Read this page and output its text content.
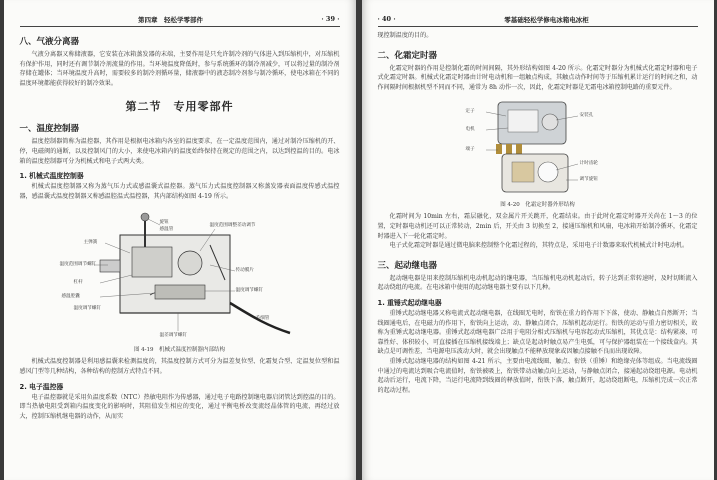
第四章　轻松学零部件	· 39 ·
八、气液分离器

气液分离器又称储液器，它安装在冰箱蒸发器的末端，主要作用是只允许制冷剂的气体进入到压缩机中，对压缩机有保护作用，同时还有调节制冷剂流量的作用。当环境温度降低时，参与系统循环的制冷剂减少，可以将过量的制冷剂存储在罐体；当环境温度升高时，需要较多的制冷剂循环量，储液器中的液态制冷剂参与制冷循环，使电冰箱在不同的温度环境都能获得较好的制冷效果。

第二节　专用零部件
一、温度控制器

温度控制器简称为温控器，其作用是根据电冰箱内各室的温度要求，在一定温度范围内，通过对制冷压缩机的开、停，电磁阀的通断，以及控制风门的大小，来使电冰箱内的温度始终保持在规定的范围之内，以达到控温的目的。电冰箱的温度控制器可分为机械式和电子式两大类。

1. 机械式温度控制器

机械式温度控制器又称为蒸气压力式或感温囊式温控器。蒸气压力式温度控制器又称蒸发器表面温度传感式温控器，感温囊式温度控制器又称感温腔温式温控器，其内部结构如图 4-19 所示。

旋钮
感温管
温度范围调整差动调节
主弹簧
温度范围调节螺钉
杠杆
感温腔囊
传动膜片
温度调节螺钉
毛细管
温差调节螺钉
温度调节螺钉
图 4-19　机械式温度控制器内部结构

机械式温度控制器是利用感温囊来检测温度的，其温度控制方式可分为温差复位型、化霜复合型、定温复位型和温感风门型等几种结构，各种结构的控制方式特点不同。

2. 电子温控器

电子温控器就是采用负温度系数（NTC）热敏电阻作为传感器，通过电子电路控制继电器启闭管达到控温的目的。即当热敏电阻受到箱内温度变化的影响时，其阻值发生相应的变化，通过平衡电桥改变流经晶体管的电流，再经过放大，控制压缩机继电器的动作，从而实

· 40 ·	零基础轻松学修电冰箱电冰柜

现控制温度的目的。

二、化霜定时器

化霜定时器的作用是控制化霜的时间间隔，其外形结构如图 4-20 所示。化霜定时器分为机械式化霜定时器和电子式化霜定时器。机械式化霜定时器由计时电动机和一组触点构成，其触点动作时间等于压缩机累计运行的时间之和，动作间隔时间根据机型不同而不同，通常为 8h 动作一次，因此，化霜定时器是无霜电冰箱控制电路的重要元件。

定子
电机
端子
安装孔
计时齿轮
调节旋钮
图 4-20　化霜定时器外形结构

化霜时间为 10min 左右，霜层融化，双金属片开关跳开，化霜结束。由于此时化霜定时器开关尚在 1～3 的位置，定时器电动机还可以正常转动，2min 后，开关由 3 切换至 2，接通压缩机和风扇，电冰箱开始制冷循环，化霜定时器进入下一轮化霜定时。

电子式化霜定时器是通过微电脑来控制整个化霜过程的，其特点是，采用电子计数器来取代机械式计时电动机。

三、起动继电器

起动继电器是用来控制压缩机电动机起动的继电器，当压缩机电动机起动后，转子达到正常转速时，及时切断流入起动绕组的电流。在电冰箱中使用的起动继电器主要有以下几种。

1. 重锤式起动继电器

重锤式起动继电器又称电流式起动继电器，在线圈无电时，衔铁在重力的作用下下落，使动、静触点自然断开；当线圈通电后，在电磁力的作用下，衔铁向上运动，动、静触点闭合，压缩机起动运行。衔铁的运动与重力密切相关，故称为重锤式起动继电器。重锤式起动继电器广泛用于电阻分相式压缩机与电容起动式压缩机，其优点是：结构紧凑、可靠性好、体积较小，可直接插在压缩机接线端上；缺点是起动时触点易产生电弧，可与保护器组装在一个接线盒内。其缺点是可调性差，当电源电压波动大时，就会出现触点不能释放现象或因触点接触不良而出现故障。

重锤式起动继电器的结构如图 4-21 所示，主要由电流线圈、触点、衔铁（重锤）和绝缘壳体等组成。当电流线圈中通过的电流达到吸合电流值时，衔铁被吸上，衔铁带动动触点向上运动，与静触点闭合，接通起动绕组电源。电动机起动后运行，电流下降，当运行电流降到线圈的释放值时，衔铁下落，触点断开，起动绕组断电，压缩机完成一次正常的起动过程。
